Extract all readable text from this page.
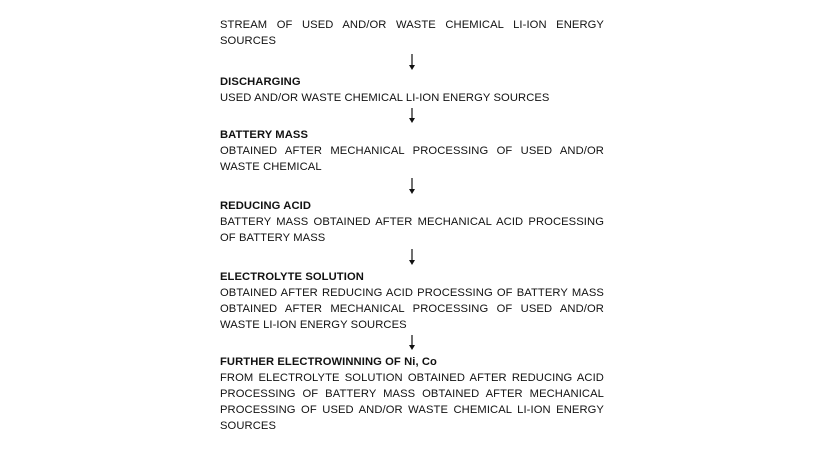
STREAM OF USED AND/OR WASTE CHEMICAL LI-ION ENERGY SOURCES
DISCHARGING
USED AND/OR WASTE CHEMICAL LI-ION ENERGY SOURCES
BATTERY MASS
OBTAINED AFTER MECHANICAL PROCESSING OF USED AND/OR WASTE CHEMICAL
REDUCING ACID
BATTERY MASS OBTAINED AFTER MECHANICAL ACID PROCESSING OF BATTERY MASS
ELECTROLYTE SOLUTION
OBTAINED AFTER REDUCING ACID PROCESSING OF BATTERY MASS OBTAINED AFTER MECHANICAL PROCESSING OF USED AND/OR WASTE LI-ION ENERGY SOURCES
FURTHER ELECTROWINNING OF Ni, Co
FROM ELECTROLYTE SOLUTION OBTAINED AFTER REDUCING ACID PROCESSING OF BATTERY MASS OBTAINED AFTER MECHANICAL PROCESSING OF USED AND/OR WASTE CHEMICAL LI-ION ENERGY SOURCES
